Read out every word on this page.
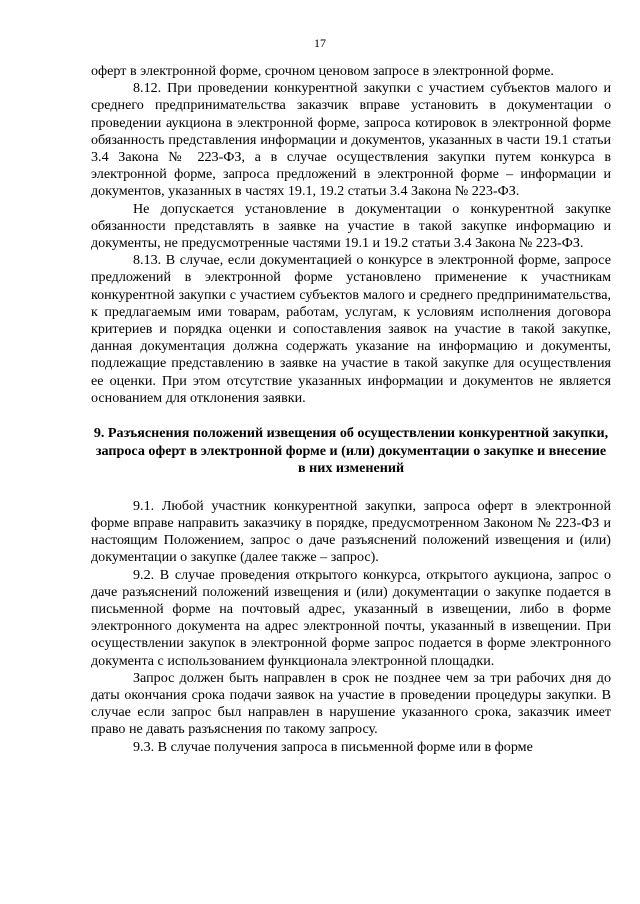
17

оферт в электронной форме, срочном ценовом запросе в электронной форме.

8.12. При проведении конкурентной закупки с участием субъектов малого и среднего предпринимательства заказчик вправе установить в документации о проведении аукциона в электронной форме, запроса котировок в электронной форме обязанность представления информации и документов, указанных в части 19.1 статьи 3.4 Закона № 223-ФЗ, а в случае осуществления закупки путем конкурса в электронной форме, запроса предложений в электронной форме – информации и документов, указанных в частях 19.1, 19.2 статьи 3.4 Закона № 223-ФЗ.

Не допускается установление в документации о конкурентной закупке обязанности представлять в заявке на участие в такой закупке информацию и документы, не предусмотренные частями 19.1 и 19.2 статьи 3.4 Закона № 223-ФЗ.

8.13. В случае, если документацией о конкурсе в электронной форме, запросе предложений в электронной форме установлено применение к участникам конкурентной закупки с участием субъектов малого и среднего предпринимательства, к предлагаемым ими товарам, работам, услугам, к условиям исполнения договора критериев и порядка оценки и сопоставления заявок на участие в такой закупке, данная документация должна содержать указание на информацию и документы, подлежащие представлению в заявке на участие в такой закупке для осуществления ее оценки. При этом отсутствие указанных информации и документов не является основанием для отклонения заявки.

9. Разъяснения положений извещения об осуществлении конкурентной закупки, запроса оферт в электронной форме и (или) документации о закупке и внесение в них изменений

9.1. Любой участник конкурентной закупки, запроса оферт в электронной форме вправе направить заказчику в порядке, предусмотренном Законом № 223-ФЗ и настоящим Положением, запрос о даче разъяснений положений извещения и (или) документации о закупке (далее также – запрос).

9.2. В случае проведения открытого конкурса, открытого аукциона, запрос о даче разъяснений положений извещения и (или) документации о закупке подается в письменной форме на почтовый адрес, указанный в извещении, либо в форме электронного документа на адрес электронной почты, указанный в извещении. При осуществлении закупок в электронной форме запрос подается в форме электронного документа с использованием функционала электронной площадки.

Запрос должен быть направлен в срок не позднее чем за три рабочих дня до даты окончания срока подачи заявок на участие в проведении процедуры закупки. В случае если запрос был направлен в нарушение указанного срока, заказчик имеет право не давать разъяснения по такому запросу.

9.3. В случае получения запроса в письменной форме или в форме
